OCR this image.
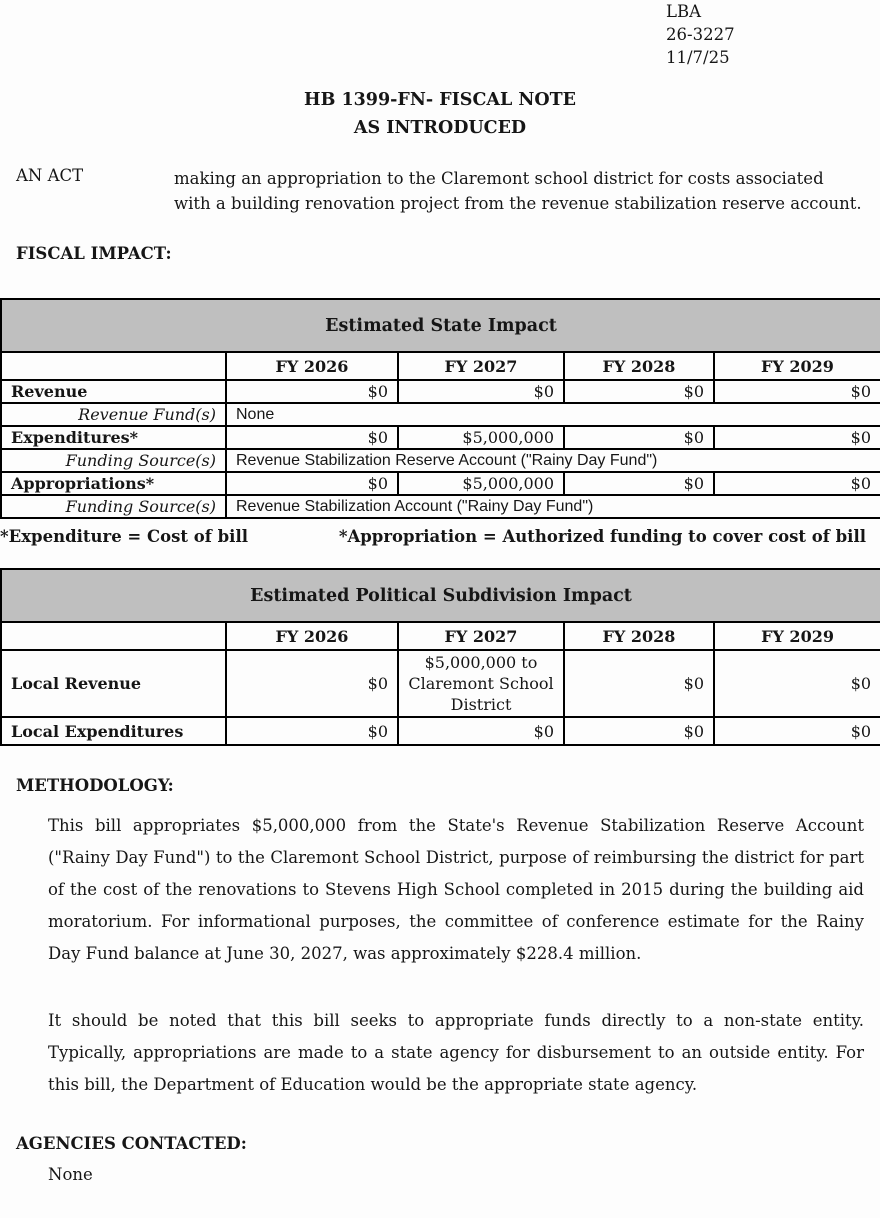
LBA
26-3227
11/7/25
HB 1399-FN- FISCAL NOTE
AS INTRODUCED
AN ACT	making an appropriation to the Claremont school district for costs associated with a building renovation project from the revenue stabilization reserve account.
FISCAL IMPACT:
Estimated State Impact				
	FY 2026	FY 2027	FY 2028	FY 2029
Revenue	$0	$0	$0	$0
Revenue Fund(s)	None			
Expenditures*	$0	$5,000,000	$0	$0
Funding Source(s)	Revenue Stabilization Reserve Account ("Rainy Day Fund")			
Appropriations*	$0	$5,000,000	$0	$0
Funding Source(s)	Revenue Stabilization Account ("Rainy Day Fund")			
*Expenditure = Cost of bill	*Appropriation = Authorized funding to cover cost of bill
Estimated Political Subdivision Impact				
	FY 2026	FY 2027	FY 2028	FY 2029
Local Revenue	$0	$5,000,000 to Claremont School District	$0	$0
Local Expenditures	$0	$0	$0	$0
METHODOLOGY:

This bill appropriates $5,000,000 from the State's Revenue Stabilization Reserve Account ("Rainy Day Fund") to the Claremont School District, purpose of reimbursing the district for part of the cost of the renovations to Stevens High School completed in 2015 during the building aid moratorium. For informational purposes, the committee of conference estimate for the Rainy Day Fund balance at June 30, 2027, was approximately $228.4 million.

It should be noted that this bill seeks to appropriate funds directly to a non-state entity. Typically, appropriations are made to a state agency for disbursement to an outside entity. For this bill, the Department of Education would be the appropriate state agency.

AGENCIES CONTACTED:
None
